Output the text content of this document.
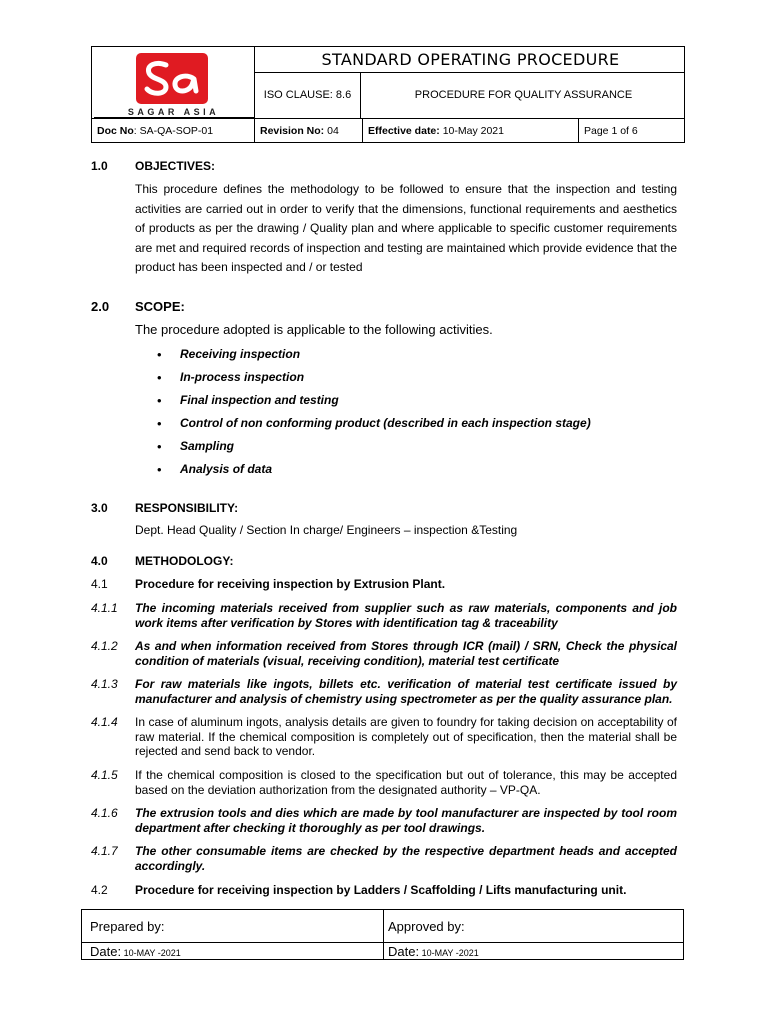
SAGAR ASIA
STANDARD OPERATING PROCEDURE
ISO CLAUSE: 8.6	PROCEDURE FOR QUALITY ASSURANCE
Doc No: SA-QA-SOP-01	Revision No: 04	Effective date: 10-May 2021	Page 1 of 6
1.0 OBJECTIVES:
This procedure defines the methodology to be followed to ensure that the inspection and testing activities are carried out in order to verify that the dimensions, functional requirements and aesthetics of products as per the drawing / Quality plan and where applicable to specific customer requirements are met and required records of inspection and testing are maintained which provide evidence that the product has been inspected and / or tested
2.0 SCOPE:
The procedure adopted is applicable to the following activities.
• Receiving inspection
• In-process inspection
• Final inspection and testing
• Control of non conforming product (described in each inspection stage)
• Sampling
• Analysis of data
3.0 RESPONSIBILITY:
Dept. Head Quality / Section In charge/ Engineers – inspection &Testing
4.0 METHODOLOGY:
4.1 Procedure for receiving inspection by Extrusion Plant.
4.1.1 The incoming materials received from supplier such as raw materials, components and job work items after verification by Stores with identification tag & traceability
4.1.2 As and when information received from Stores through ICR (mail) / SRN, Check the physical condition of materials (visual, receiving condition), material test certificate
4.1.3 For raw materials like ingots, billets etc. verification of material test certificate issued by manufacturer and analysis of chemistry using spectrometer as per the quality assurance plan.
4.1.4 In case of aluminum ingots, analysis details are given to foundry for taking decision on acceptability of raw material. If the chemical composition is completely out of specification, then the material shall be rejected and send back to vendor.
4.1.5 If the chemical composition is closed to the specification but out of tolerance, this may be accepted based on the deviation authorization from the designated authority – VP-QA.
4.1.6 The extrusion tools and dies which are made by tool manufacturer are inspected by tool room department after checking it thoroughly as per tool drawings.
4.1.7 The other consumable items are checked by the respective department heads and accepted accordingly.
4.2 Procedure for receiving inspection by Ladders / Scaffolding / Lifts manufacturing unit.
Prepared by:	Approved by:
Date: 10-MAY -2021	Date: 10-MAY -2021
